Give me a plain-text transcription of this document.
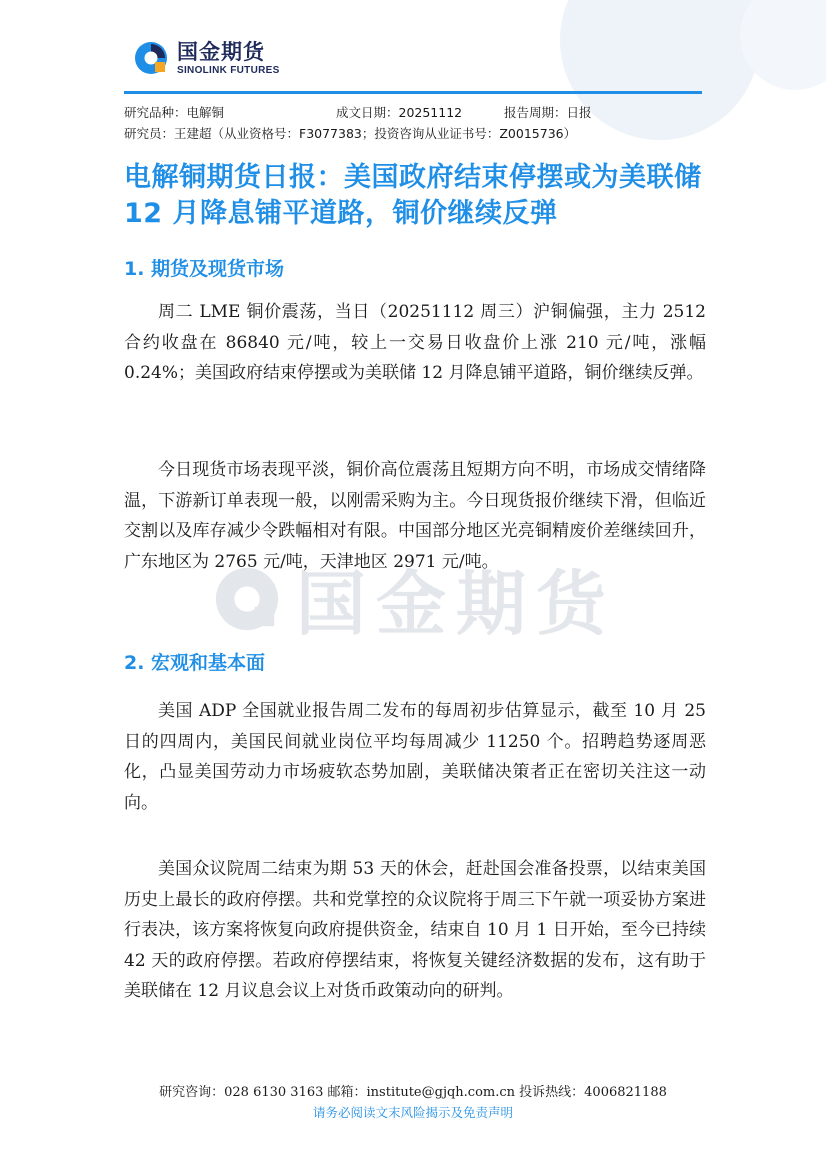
国金期货
SINOLINK FUTURES
研究品种：电解铜	成文日期：20251112	报告周期：日报
研究员：王建超（从业资格号：F3077383；投资咨询从业证书号：Z0015736）
电解铜期货日报：美国政府结束停摆或为美联储 12 月降息铺平道路，铜价继续反弹
1. 期货及现货市场

周二 LME 铜价震荡，当日（20251112 周三）沪铜偏强，主力 2512 合约收盘在 86840 元/吨，较上一交易日收盘价上涨 210 元/吨，涨幅 0.24%；美国政府结束停摆或为美联储 12 月降息铺平道路，铜价继续反弹。

今日现货市场表现平淡，铜价高位震荡且短期方向不明，市场成交情绪降温，下游新订单表现一般，以刚需采购为主。今日现货报价继续下滑，但临近交割以及库存减少令跌幅相对有限。中国部分地区光亮铜精废价差继续回升，广东地区为 2765 元/吨，天津地区 2971 元/吨。

2. 宏观和基本面

美国 ADP 全国就业报告周二发布的每周初步估算显示，截至 10 月 25 日的四周内，美国民间就业岗位平均每周减少 11250 个。招聘趋势逐周恶化，凸显美国劳动力市场疲软态势加剧，美联储决策者正在密切关注这一动向。

美国众议院周二结束为期 53 天的休会，赶赴国会准备投票，以结束美国历史上最长的政府停摆。共和党掌控的众议院将于周三下午就一项妥协方案进行表决，该方案将恢复向政府提供资金，结束自 10 月 1 日开始，至今已持续 42 天的政府停摆。若政府停摆结束，将恢复关键经济数据的发布，这有助于美联储在 12 月议息会议上对货币政策动向的研判。

国金期货
研究咨询：028 6130 3163 邮箱：institute@gjqh.com.cn 投诉热线：4006821188
请务必阅读文末风险揭示及免责声明
